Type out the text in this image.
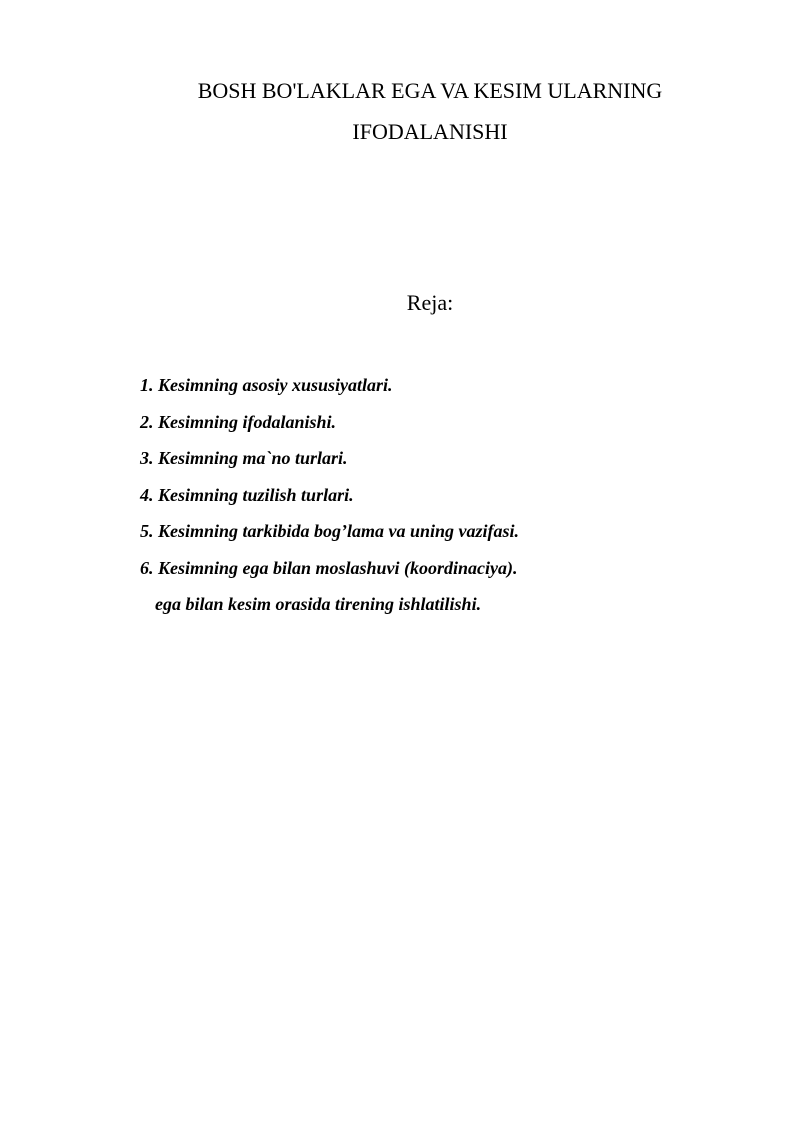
BOSH BO'LAKLAR EGA VA KESIM ULARNING
IFODALANISHI
Reja:
1. Kesimning asosiy xususiyatlari.
2. Kesimning ifodalanishi.
3. Kesimning ma`no turlari.
4. Kesimning tuzilish turlari.
5. Kesimning tarkibida bog’lama va uning vazifasi.
6. Kesimning ega bilan moslashuvi (koordinaciya).
ega bilan kesim orasida tirening ishlatilishi.
